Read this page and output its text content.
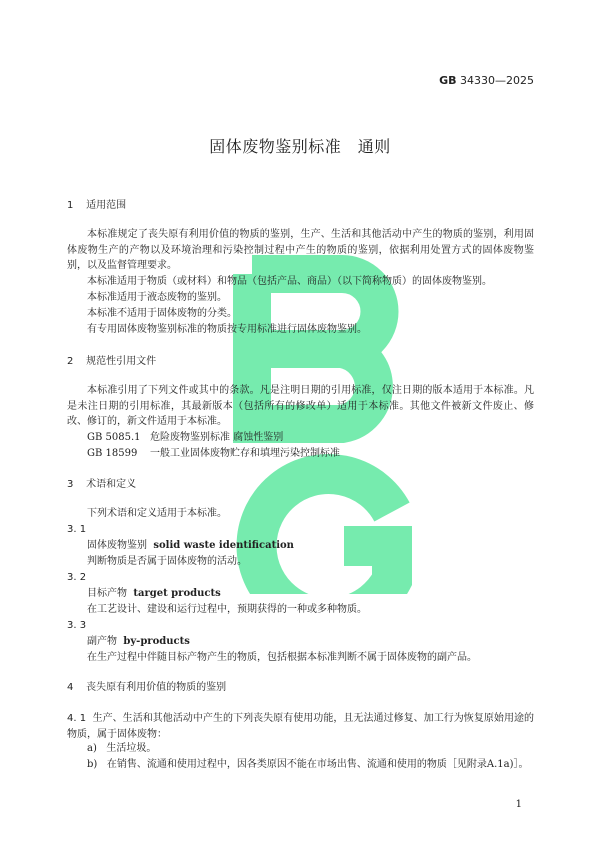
GB 34330—2025
固体废物鉴别标准　通则
1 适用范围
本标准规定了丧失原有利用价值的物质的鉴别，生产、生活和其他活动中产生的物质的鉴别，利用固体废物生产的产物以及环境治理和污染控制过程中产生的物质的鉴别，依据利用处置方式的固体废物鉴别，以及监督管理要求。
本标准适用于物质（或材料）和物品（包括产品、商品）（以下简称物质）的固体废物鉴别。
本标准适用于液态废物的鉴别。
本标准不适用于固体废物的分类。
有专用固体废物鉴别标准的物质按专用标准进行固体废物鉴别。
2 规范性引用文件
本标准引用了下列文件或其中的条款。凡是注明日期的引用标准，仅注日期的版本适用于本标准。凡是未注日期的引用标准，其最新版本（包括所有的修改单）适用于本标准。其他文件被新文件废止、修改、修订的，新文件适用于本标准。
GB 5085.1 危险废物鉴别标准 腐蚀性鉴别
GB 18599 一般工业固体废物贮存和填埋污染控制标准
3 术语和定义
下列术语和定义适用于本标准。
3. 1
固体废物鉴别 solid waste identification
判断物质是否属于固体废物的活动。
3. 2
目标产物 target products
在工艺设计、建设和运行过程中，预期获得的一种或多种物质。
3. 3
副产物 by-products
在生产过程中伴随目标产物产生的物质，包括根据本标准判断不属于固体废物的副产品。
4 丧失原有利用价值的物质的鉴别
4. 1 生产、生活和其他活动中产生的下列丧失原有使用功能，且无法通过修复、加工行为恢复原始用途的物质，属于固体废物：
a) 生活垃圾。
b) 在销售、流通和使用过程中，因各类原因不能在市场出售、流通和使用的物质［见附录A.1a)］。
1
